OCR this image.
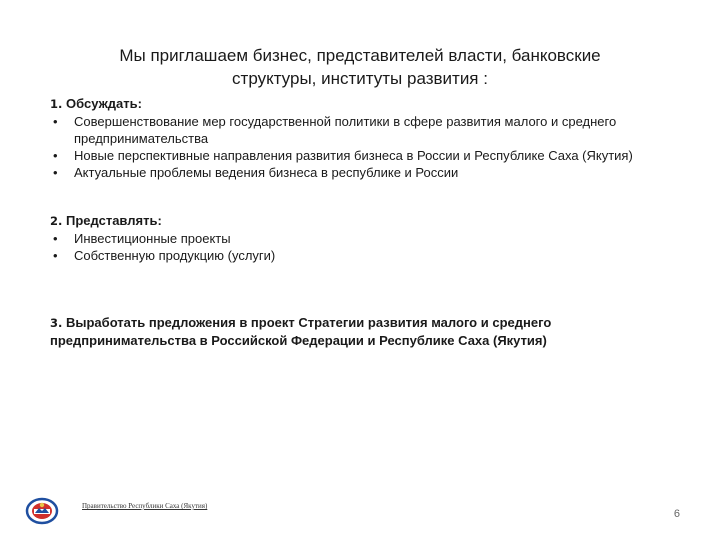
Мы приглашаем бизнес, представителей власти, банковские
структуры, институты развития :
1. Обсуждать:
• Совершенствование мер государственной политики в сфере развития малого и среднего предпринимательства
• Новые перспективные направления развития бизнеса в России и Республике Саха (Якутия)
• Актуальные проблемы ведения бизнеса в республике и России
2. Представлять:
• Инвестиционные проекты
• Собственную продукцию (услуги)
3. Выработать предложения в проект Стратегии развития малого и среднего предпринимательства в Российской Федерации и Республике Саха (Якутия)
Правительство Республики Саха (Якутия)
6
